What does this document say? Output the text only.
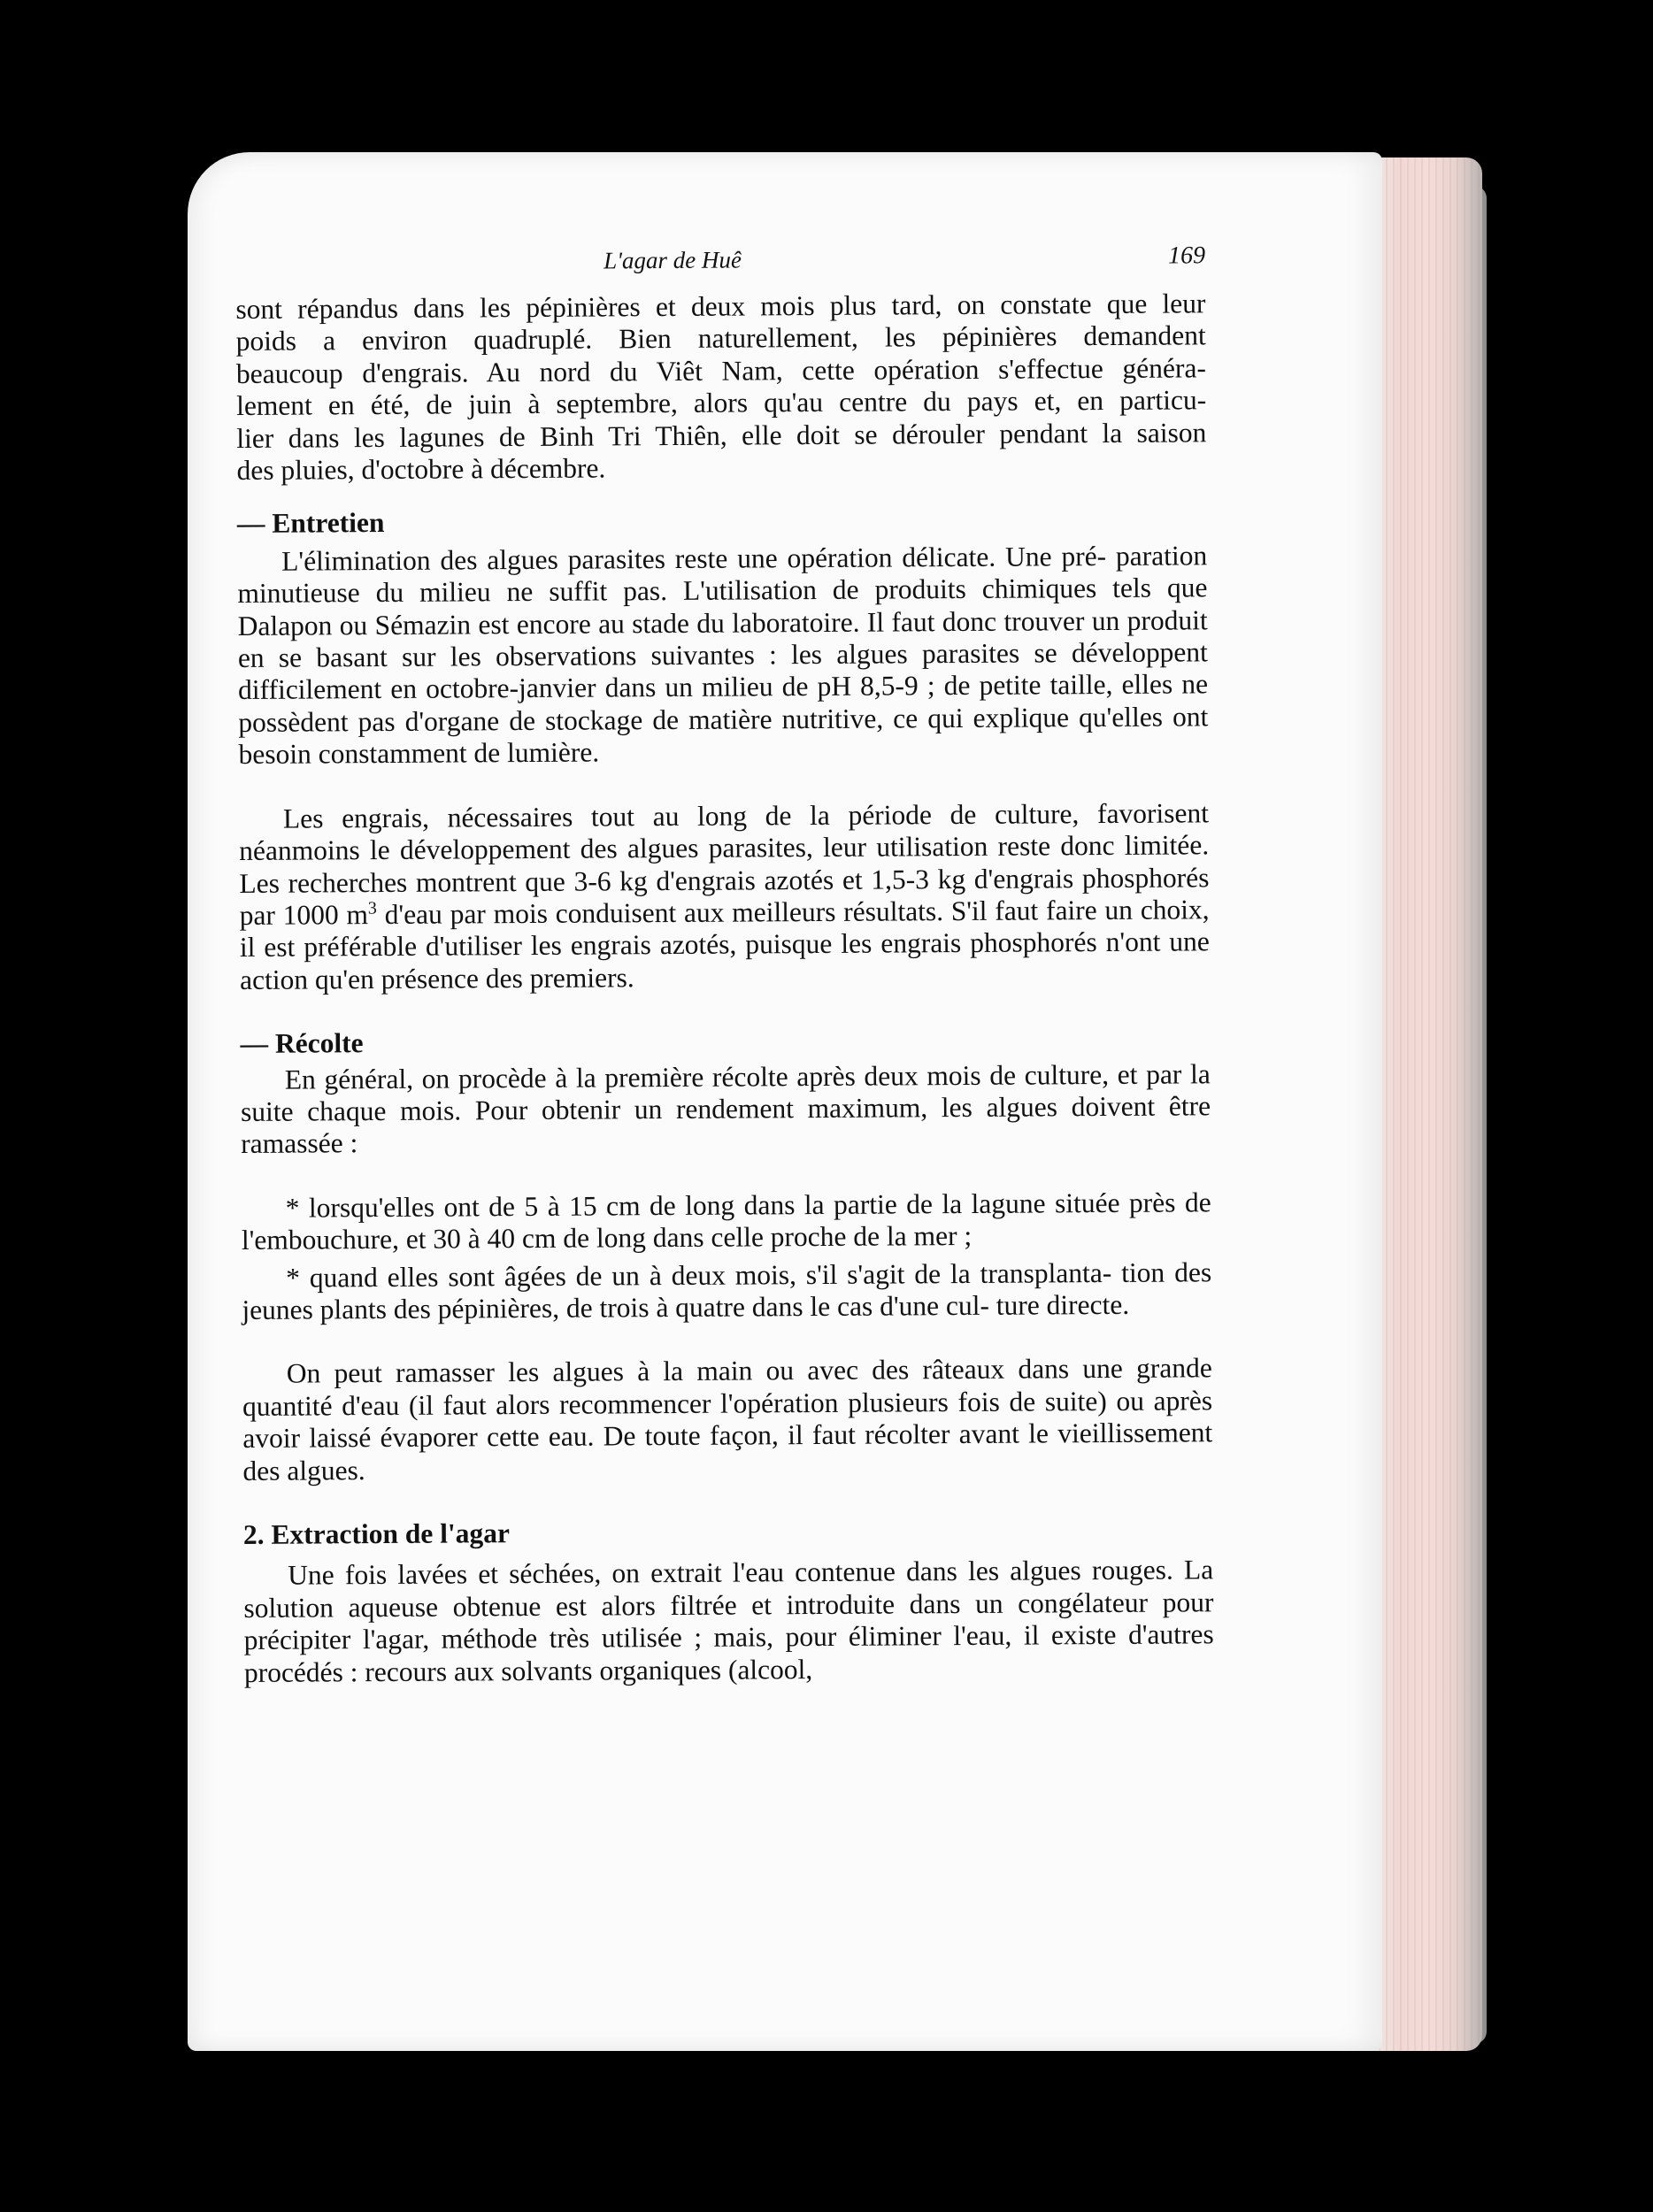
L'agar de Huê	169

sont répandus dans les pépinières et deux mois plus tard, on constate que leur

poids a environ quadruplé. Bien naturellement, les pépinières demandent

beaucoup d'engrais. Au nord du Viêt Nam, cette opération s'effectue généra-

lement en été, de juin à septembre, alors qu'au centre du pays et, en particu-

lier dans les lagunes de Binh Tri Thiên, elle doit se dérouler pendant la saison

des pluies, d'octobre à décembre.

— Entretien

L'élimination des algues parasites reste une opération délicate. Une pré- paration minutieuse du milieu ne suffit pas. L'utilisation de produits chimiques tels que Dalapon ou Sémazin est encore au stade du laboratoire. Il faut donc trouver un produit en se basant sur les observations suivantes : les algues parasites se développent difficilement en octobre-janvier dans un milieu de pH 8,5-9 ; de petite taille, elles ne possèdent pas d'organe de stockage de matière nutritive, ce qui explique qu'elles ont besoin constamment de lumière.

Les engrais, nécessaires tout au long de la période de culture, favorisent néanmoins le développement des algues parasites, leur utilisation reste donc limitée. Les recherches montrent que 3-6 kg d'engrais azotés et 1,5-3 kg d'engrais phosphorés par 1000 $m^3$ d'eau par mois conduisent aux meilleurs résultats. S'il faut faire un choix, il est préférable d'utiliser les engrais azotés, puisque les engrais phosphorés n'ont une action qu'en présence des premiers.

— Récolte

En général, on procède à la première récolte après deux mois de culture, et par la suite chaque mois. Pour obtenir un rendement maximum, les algues doivent être ramassée :

* lorsqu'elles ont de 5 à 15 cm de long dans la partie de la lagune située près de l'embouchure, et 30 à 40 cm de long dans celle proche de la mer ;

* quand elles sont âgées de un à deux mois, s'il s'agit de la transplanta- tion des jeunes plants des pépinières, de trois à quatre dans le cas d'une cul- ture directe.

On peut ramasser les algues à la main ou avec des râteaux dans une grande quantité d'eau (il faut alors recommencer l'opération plusieurs fois de suite) ou après avoir laissé évaporer cette eau. De toute façon, il faut récolter avant le vieillissement des algues.

2. Extraction de l'agar

Une fois lavées et séchées, on extrait l'eau contenue dans les algues rouges. La solution aqueuse obtenue est alors filtrée et introduite dans un congélateur pour précipiter l'agar, méthode très utilisée ; mais, pour éliminer l'eau, il existe d'autres procédés : recours aux solvants organiques (alcool,
